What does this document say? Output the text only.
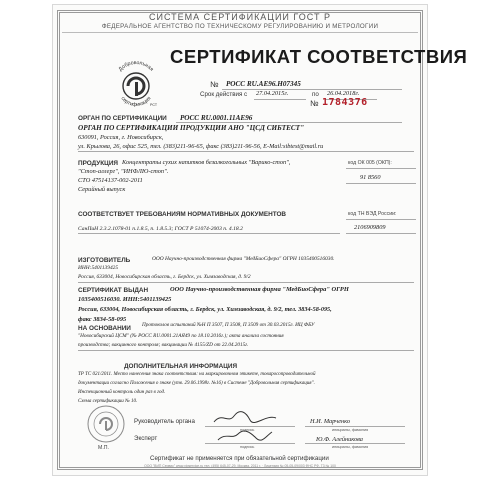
СИСТЕМА СЕРТИФИКАЦИИ ГОСТ Р
ФЕДЕРАЛЬНОЕ АГЕНТСТВО ПО ТЕХНИЧЕСКОМУ РЕГУЛИРОВАНИЮ И МЕТРОЛОГИИ
Добровольная
сертификация
РСТ
СЕРТИФИКАТ СООТВЕТСТВИЯ
№ РОСС RU.AE96.H07345
Срок действия с 27.04.2015г.	по 26.04.2018г.
№ 1784376
ОРГАН ПО СЕРТИФИКАЦИИ РОСС RU.0001.11АЕ96
ОРГАН ПО СЕРТИФИКАЦИИ ПРОДУКЦИИ АНО "ЦСД СИБТЕСТ"
630091, Россия, г. Новосибирск,
ул. Крылова, 26, офис 525, тел. (383)211-96-65, факс (383)211-96-56, E-Mail:sibtest@mail.ru
ПРОДУКЦИЯ Концентраты сухих напитков безалкогольных "Варико-стоп",
"Стоп-аллерг", "ИНФЛЮ-стоп".
СТО 47514137-002-2011
Серийный выпуск
код ОК 005 (ОКП):
91 8560
СООТВЕТСТВУЕТ ТРЕБОВАНИЯМ НОРМАТИВНЫХ ДОКУМЕНТОВ
СанПиН 2.3.2.1078-01 п.1.8.5, п. 1.8.5.3; ГОСТ Р 51074-2003 п. 4.18.2
код ТН ВЭД России:
2106909809
ИЗГОТОВИТЕЛЬ	ООО Научно-производственная фирма "МедБиоСфера" ОГРН 1035400516030.
ИНН:5401139425
Россия, 633004, Новосибирская область, г. Бердск, ул. Химзаводская, д. 9/2
СЕРТИФИКАТ ВЫДАН	ООО Научно-производственная фирма "МедБиоСфера" ОГРН
1035400516030. ИНН:5401139425
Россия, 633004, Новосибирская область, г. Бердск, ул. Химзаводская, д. 9/2, тел. 3834-58-095,
факс 3834-58-095
НА ОСНОВАНИИ Протоколов испытаний №Н П 3507, П 3508, П 3509 от 30.03.2015г. ИЦ ФБУ
"Новосибирский ЦСМ" (№ РОСС RU.0001.21АЯ49 по 18.10.2016г.); акта анализа состояния
производства; вакцинного контроля; вакцинации № 4155/ZD от 22.04.2015г.
ДОПОЛНИТЕЛЬНАЯ ИНФОРМАЦИЯ
ТР ТС 021/2011. Место нанесения знака соответствия: на маркировочном этикете, товаросопроводительной
документации согласно Положения о знаке (утв. 29.06.1998г. №16) в Системе "Добровольная сертификация".
Инспекционный контроль один раз в год.
Схема сертификации № 10.
М.П.
Руководитель органа
подпись
Н.И. Марченко
инициалы, фамилия
Эксперт
подпись
Ю.Ф. Алейникова
инициалы, фамилия
Сертификат не применяется при обязательной сертификации
ООО "ВИП Сервис" www.vipservice.ru тел. (495) 645-07-29, Москва, 2011 г. · Лицензия № 05-05-09/003 ФНС РФ, Т3 № 100
